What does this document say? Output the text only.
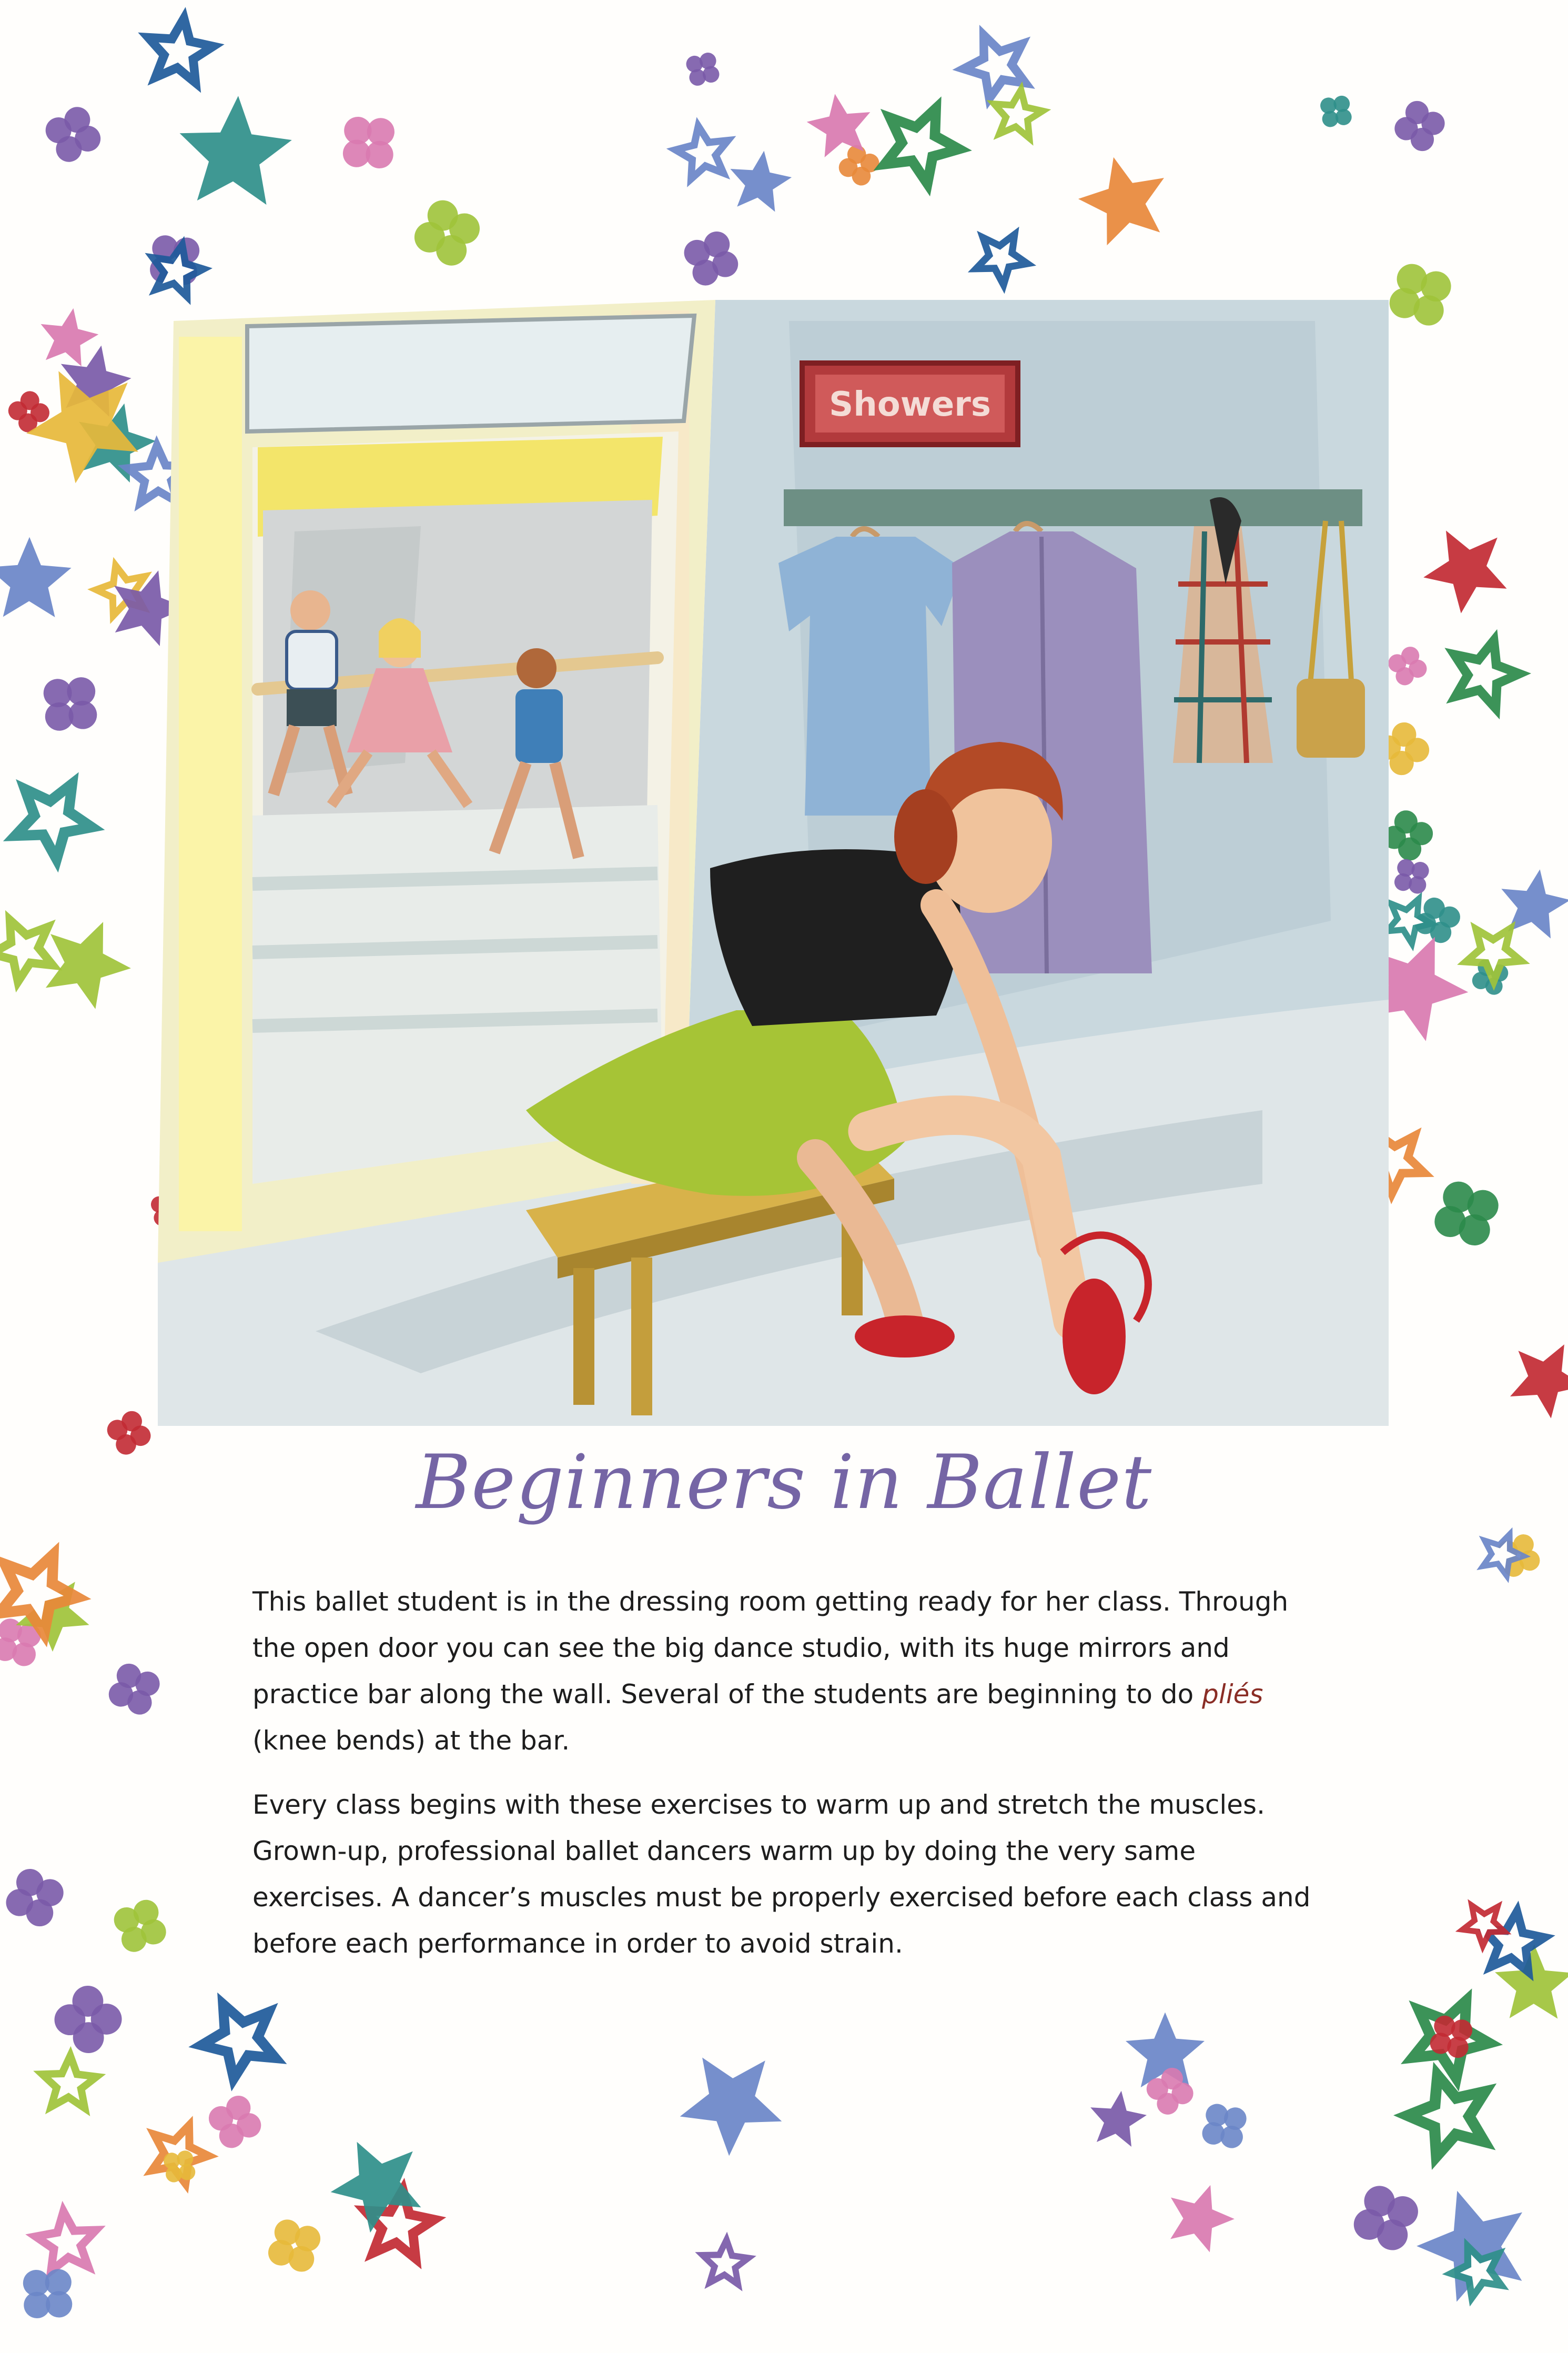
Showers
Beginners in Ballet

This ballet student is in the dressing room getting ready for her class. Through the open door you can see the big dance studio, with its huge mirrors and practice bar along the wall. Several of the students are beginning to do pliés (knee bends) at the bar.

Every class begins with these exercises to warm up and stretch the muscles. Grown-up, professional ballet dancers warm up by doing the very same exercises. A dancer’s muscles must be properly exercised before each class and before each performance in order to avoid strain.
